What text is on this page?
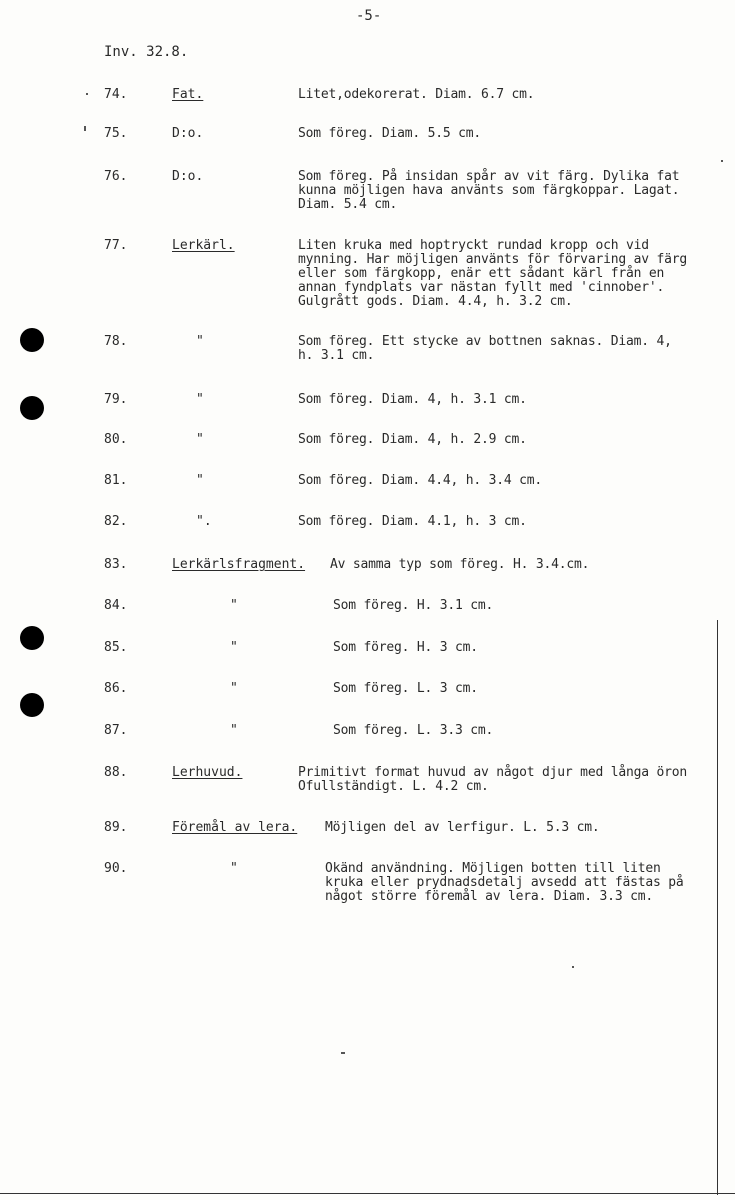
-5-
Inv. 32.8.
74.	Fat.	Litet,odekorerat. Diam. 6.7 cm.
75.	D:o.	Som föreg. Diam. 5.5 cm.
76.	D:o.	Som föreg. På insidan spår av vit färg. Dylika fat
kunna möjligen hava använts som färgkoppar. Lagat.
Diam. 5.4 cm.
77.	Lerkärl.	Liten kruka med hoptryckt rundad kropp och vid
mynning. Har möjligen använts för förvaring av färg
eller som färgkopp, enär ett sådant kärl från en
annan fyndplats var nästan fyllt med 'cinnober'.
Gulgrått gods. Diam. 4.4, h. 3.2 cm.
78.	"	Som föreg. Ett stycke av bottnen saknas. Diam. 4,
h. 3.1 cm.
79.	"	Som föreg. Diam. 4, h. 3.1 cm.
80.	"	Som föreg. Diam. 4, h. 2.9 cm.
81.	"	Som föreg. Diam. 4.4, h. 3.4 cm.
82.	".	Som föreg. Diam. 4.1, h. 3 cm.
83.	Lerkärlsfragment. Av samma typ som föreg. H. 3.4.cm.
84.	"	Som föreg. H. 3.1 cm.
85.	"	Som föreg. H. 3 cm.
86.	"	Som föreg. L. 3 cm.
87.	"	Som föreg. L. 3.3 cm.
88.	Lerhuvud.	Primitivt format huvud av något djur med långa öron
Ofullständigt. L. 4.2 cm.
89.	Föremål av lera. Möjligen del av lerfigur. L. 5.3 cm.
90.	"	Okänd användning. Möjligen botten till liten
kruka eller prydnadsdetalj avsedd att fästas på
något större föremål av lera. Diam. 3.3 cm.
